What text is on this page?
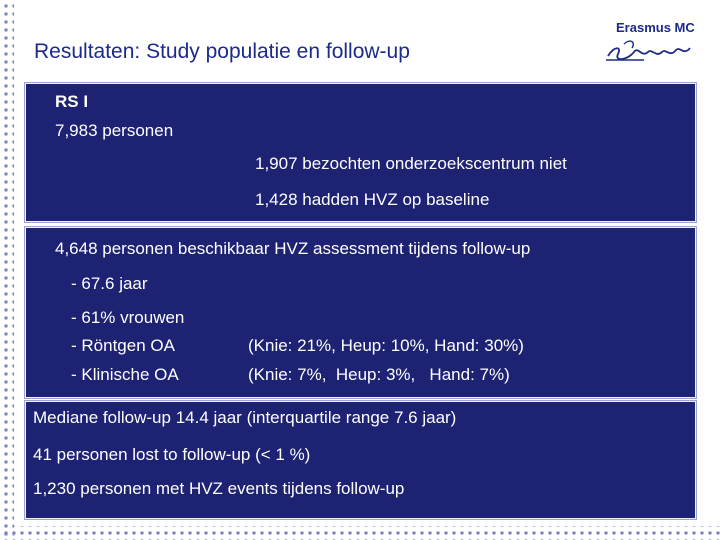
Resultaten: Study populatie en follow-up
Erasmus MC
RS I
7,983 personen
1,907 bezochten onderzoekscentrum niet
1,428 hadden HVZ op baseline
4,648 personen beschikbaar HVZ assessment tijdens follow-up
- 67.6 jaar
- 61% vrouwen
- Röntgen OA	(Knie: 21%, Heup: 10%, Hand: 30%)
- Klinische OA	(Knie: 7%,  Heup: 3%,   Hand: 7%)
Mediane follow-up 14.4 jaar (interquartile range 7.6 jaar)
41 personen lost to follow-up (< 1 %)
1,230 personen met HVZ events tijdens follow-up
